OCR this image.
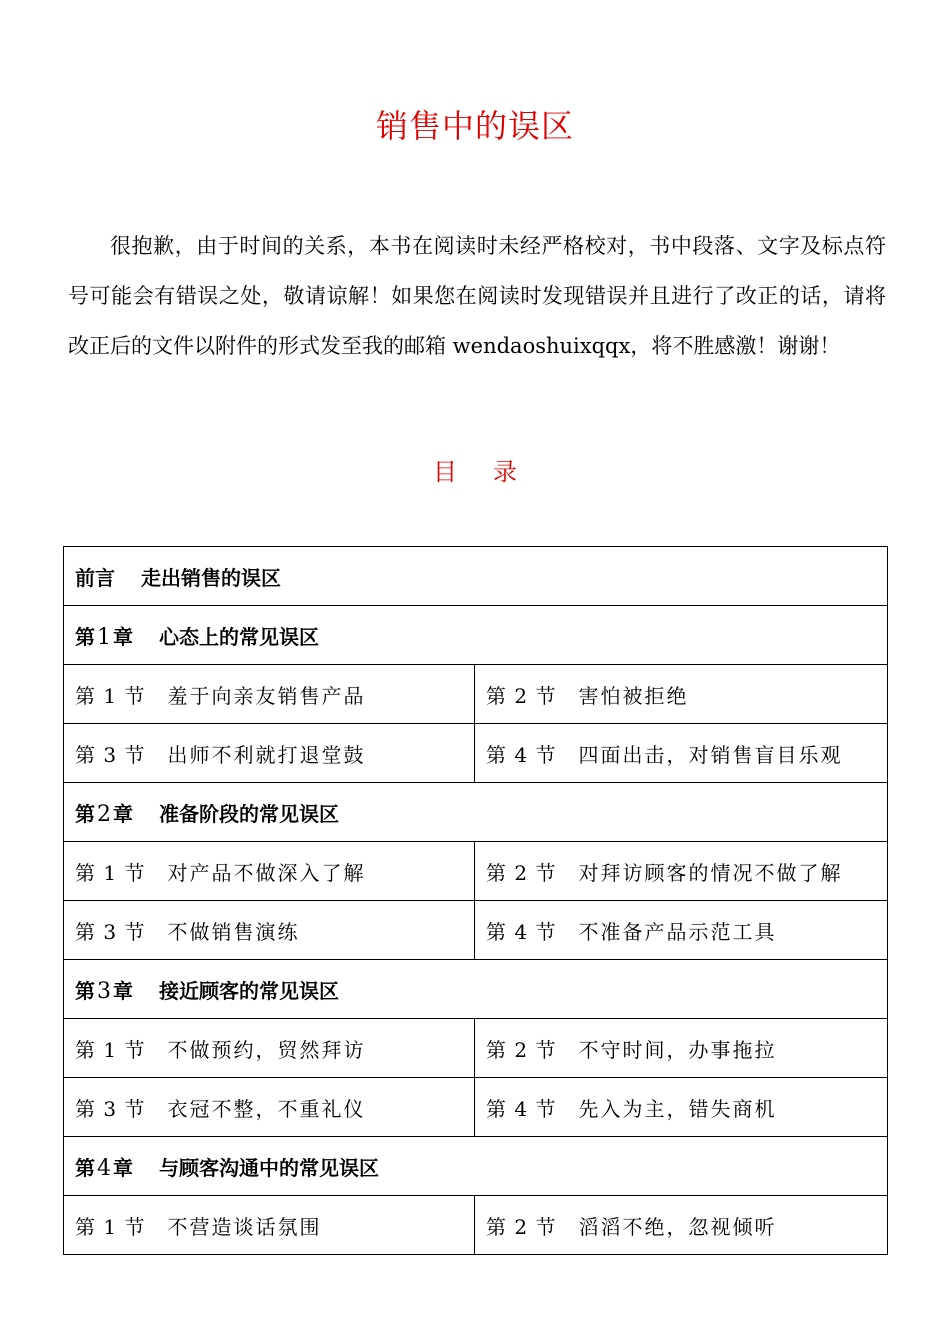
销售中的误区

很抱歉，由于时间的关系，本书在阅读时未经严格校对，书中段落、文字及标点符号可能会有错误之处，敬请谅解！如果您在阅读时发现错误并且进行了改正的话，请将改正后的文件以附件的形式发至我的邮箱 wendaoshuixqqx，将不胜感激！谢谢！

目 录
前言 走出销售的误区	
第1 章 心态上的常见误区	
第 1 节 羞于向亲友销售产品	第 2 节 害怕被拒绝
第 3 节 出师不利就打退堂鼓	第 4 节 四面出击，对销售盲目乐观
第2 章 准备阶段的常见误区	
第 1 节 对产品不做深入了解	第 2 节 对拜访顾客的情况不做了解
第 3 节 不做销售演练	第 4 节 不准备产品示范工具
第3 章 接近顾客的常见误区	
第 1 节 不做预约，贸然拜访	第 2 节 不守时间，办事拖拉
第 3 节 衣冠不整，不重礼仪	第 4 节 先入为主，错失商机
第4 章 与顾客沟通中的常见误区	
第 1 节 不营造谈话氛围	第 2 节 滔滔不绝，忽视倾听
